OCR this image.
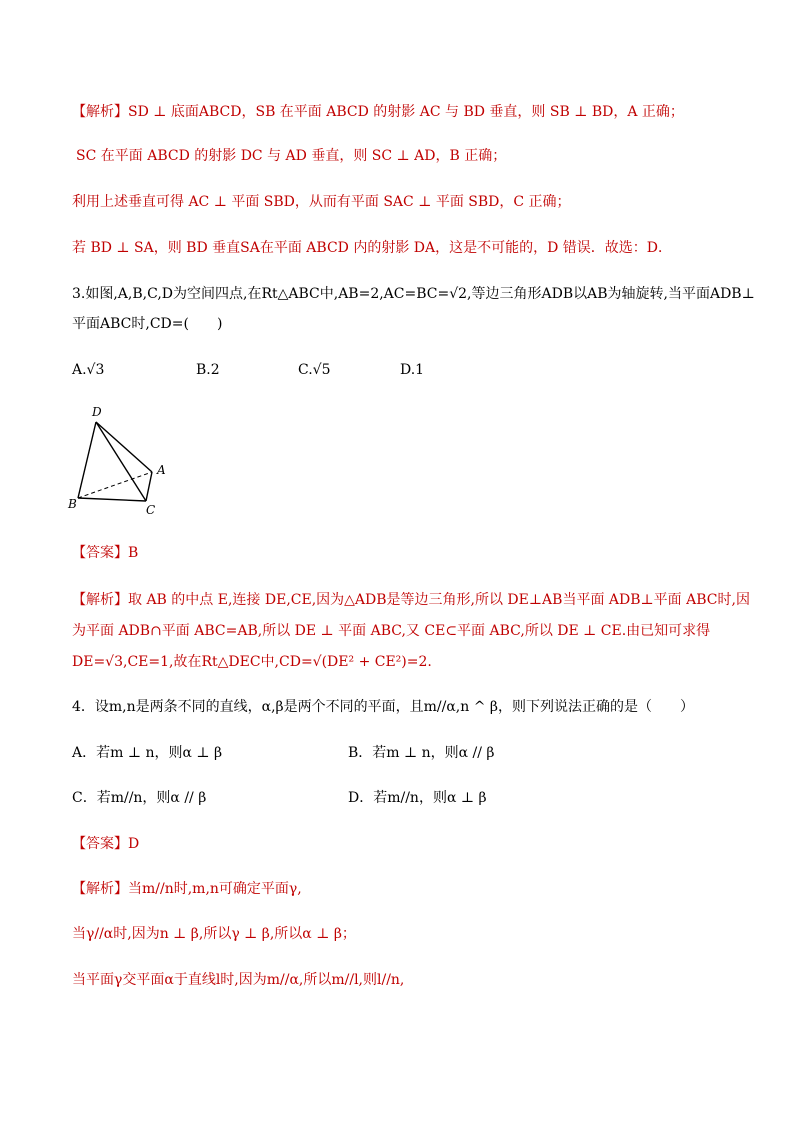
【解析】SD ⊥ 底面ABCD，SB 在平面 ABCD 的射影 AC 与 BD 垂直，则 SB ⊥ BD，A 正确；
SC 在平面 ABCD 的射影 DC 与 AD 垂直，则 SC ⊥ AD，B 正确；
利用上述垂直可得 AC ⊥ 平面 SBD，从而有平面 SAC ⊥ 平面 SBD，C 正确；
若 BD ⊥ SA，则 BD 垂直SA在平面 ABCD 内的射影 DA，这是不可能的，D 错误．故选：D．
3.如图,A,B,C,D为空间四点,在Rt△ABC中,AB=2,AC=BC=√2,等边三角形ADB以AB为轴旋转,当平面ADB⊥
平面ABC时,CD=(　　)
A.√3	B.2	C.√5	D.1
D
A
B	C
【答案】B
【解析】取 AB 的中点 E,连接 DE,CE,因为△ADB是等边三角形,所以 DE⊥AB当平面 ADB⊥平面 ABC时,因
为平面 ADB∩平面 ABC=AB,所以 DE ⊥ 平面 ABC,又 CE⊂平面 ABC,所以 DE ⊥ CE.由已知可求得
DE=√3,CE=1,故在Rt△DEC中,CD=√(DE² + CE²)=2.
4．设m,n是两条不同的直线，α,β是两个不同的平面，且m//α,n ^ β，则下列说法正确的是（　　）
A．若m ⊥ n，则α ⊥ β	B．若m ⊥ n，则α // β
C．若m//n，则α // β	D．若m//n，则α ⊥ β
【答案】D
【解析】当m//n时,m,n可确定平面γ,
当γ//α时,因为n ⊥ β,所以γ ⊥ β,所以α ⊥ β；
当平面γ交平面α于直线l时,因为m//α,所以m//l,则l//n,
